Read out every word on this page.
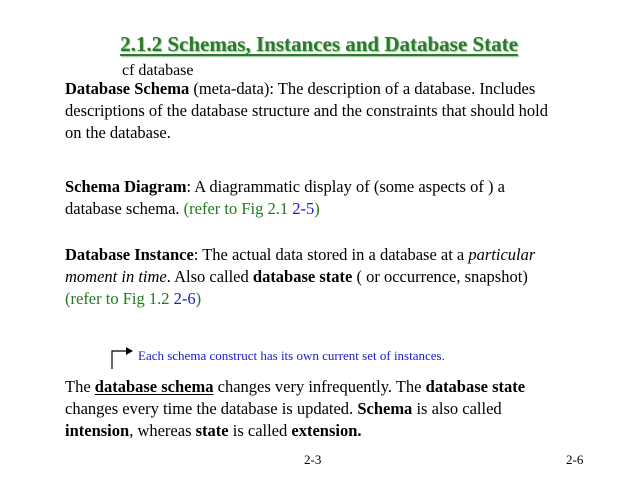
2.1.2 Schemas, Instances and Database State
cf database
Database Schema (meta-data): The description of a database. Includes
descriptions of the database structure and the constraints that should hold
on the database.
Schema Diagram: A diagrammatic display of (some aspects of ) a
database schema. (refer to Fig 2.1 2-5)
Database Instance: The actual data stored in a database at a particular
moment in time. Also called database state ( or occurrence, snapshot)
(refer to Fig 1.2 2-6)
Each schema construct has its own current set of instances.
The database schema changes very infrequently. The database state
changes every time the database is updated. Schema is also called
intension, whereas state is called extension.
2-3	2-6
